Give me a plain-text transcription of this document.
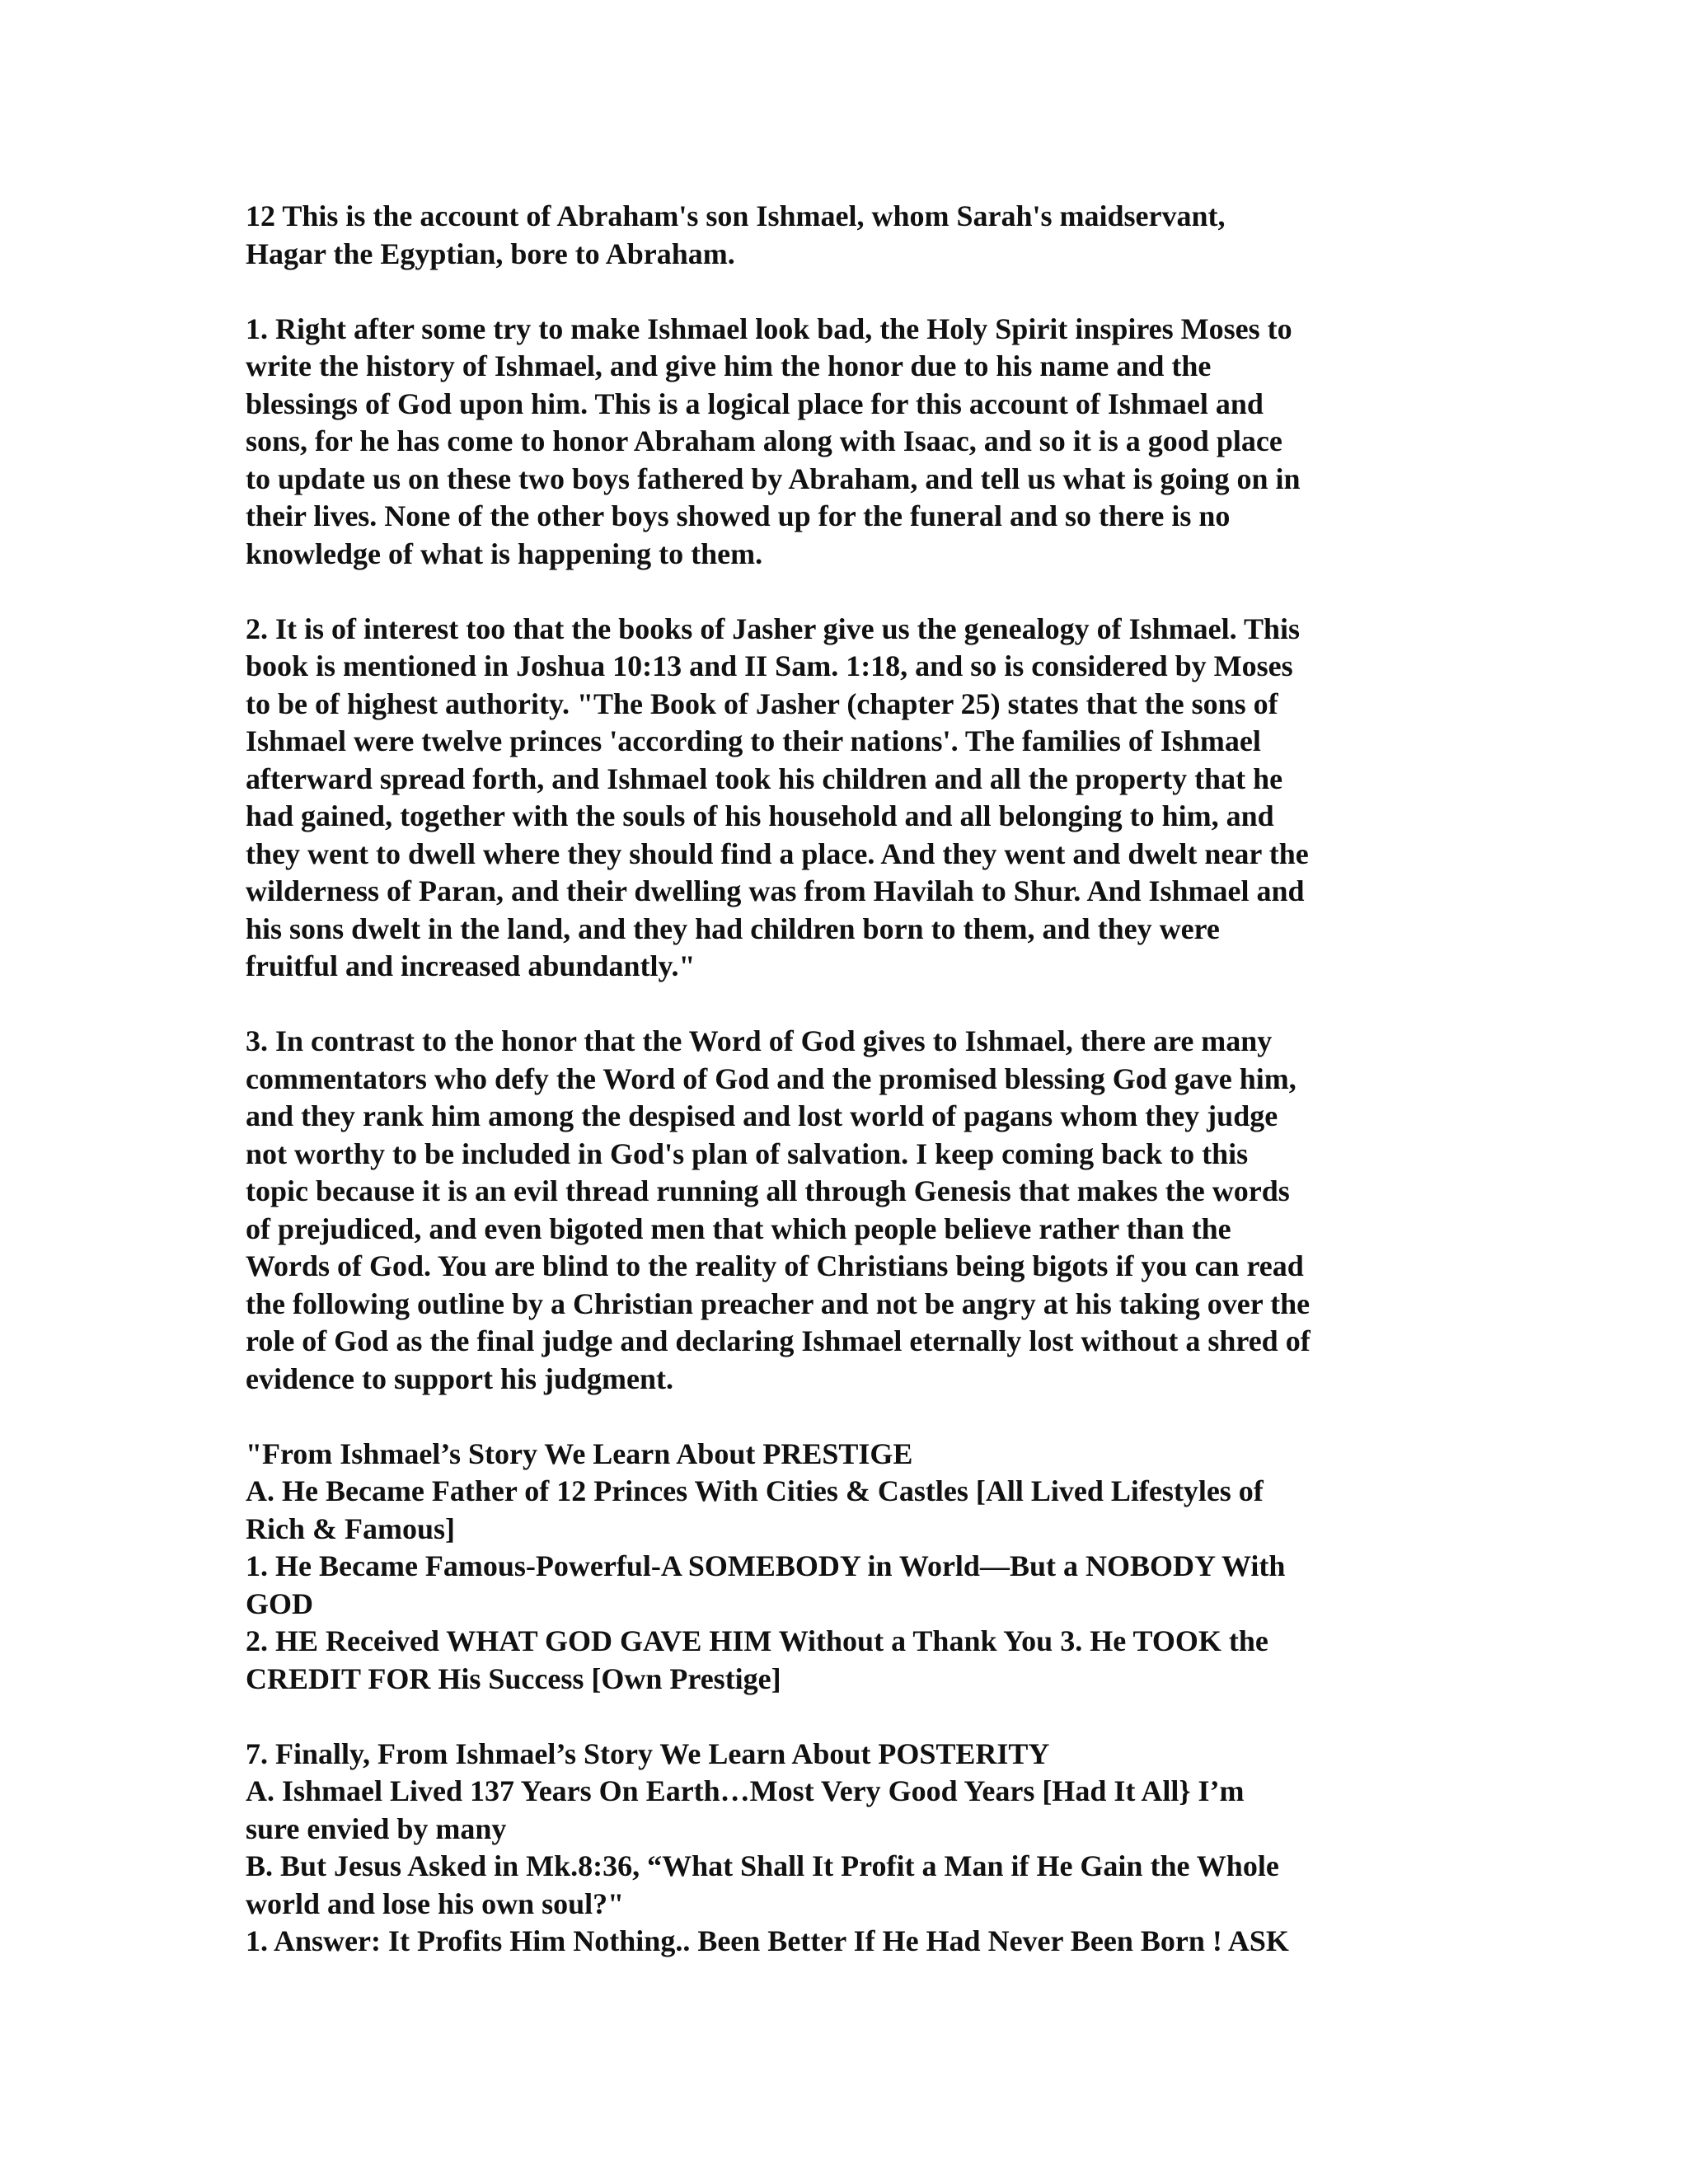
12 This is the account of Abraham's son Ishmael, whom Sarah's maidservant,
Hagar the Egyptian, bore to Abraham.
1. Right after some try to make Ishmael look bad, the Holy Spirit inspires Moses to
write the history of Ishmael, and give him the honor due to his name and the
blessings of God upon him. This is a logical place for this account of Ishmael and
sons, for he has come to honor Abraham along with Isaac, and so it is a good place
to update us on these two boys fathered by Abraham, and tell us what is going on in
their lives. None of the other boys showed up for the funeral and so there is no
knowledge of what is happening to them.
2. It is of interest too that the books of Jasher give us the genealogy of Ishmael. This
book is mentioned in Joshua 10:13 and II Sam. 1:18, and so is considered by Moses
to be of highest authority. "The Book of Jasher (chapter 25) states that the sons of
Ishmael were twelve princes 'according to their nations'. The families of Ishmael
afterward spread forth, and Ishmael took his children and all the property that he
had gained, together with the souls of his household and all belonging to him, and
they went to dwell where they should find a place. And they went and dwelt near the
wilderness of Paran, and their dwelling was from Havilah to Shur. And Ishmael and
his sons dwelt in the land, and they had children born to them, and they were
fruitful and increased abundantly."
3. In contrast to the honor that the Word of God gives to Ishmael, there are many
commentators who defy the Word of God and the promised blessing God gave him,
and they rank him among the despised and lost world of pagans whom they judge
not worthy to be included in God's plan of salvation. I keep coming back to this
topic because it is an evil thread running all through Genesis that makes the words
of prejudiced, and even bigoted men that which people believe rather than the
Words of God. You are blind to the reality of Christians being bigots if you can read
the following outline by a Christian preacher and not be angry at his taking over the
role of God as the final judge and declaring Ishmael eternally lost without a shred of
evidence to support his judgment.
"From Ishmael’s Story We Learn About PRESTIGE
A. He Became Father of 12 Princes With Cities & Castles [All Lived Lifestyles of
Rich & Famous]
1. He Became Famous-Powerful-A SOMEBODY in World—But a NOBODY With
GOD
2. HE Received WHAT GOD GAVE HIM Without a Thank You 3. He TOOK the
CREDIT FOR His Success [Own Prestige]
7. Finally, From Ishmael’s Story We Learn About POSTERITY
A. Ishmael Lived 137 Years On Earth…Most Very Good Years [Had It All} I’m
sure envied by many
B. But Jesus Asked in Mk.8:36, “What Shall It Profit a Man if He Gain the Whole
world and lose his own soul?"
1. Answer: It Profits Him Nothing.. Been Better If He Had Never Been Born ! ASK
